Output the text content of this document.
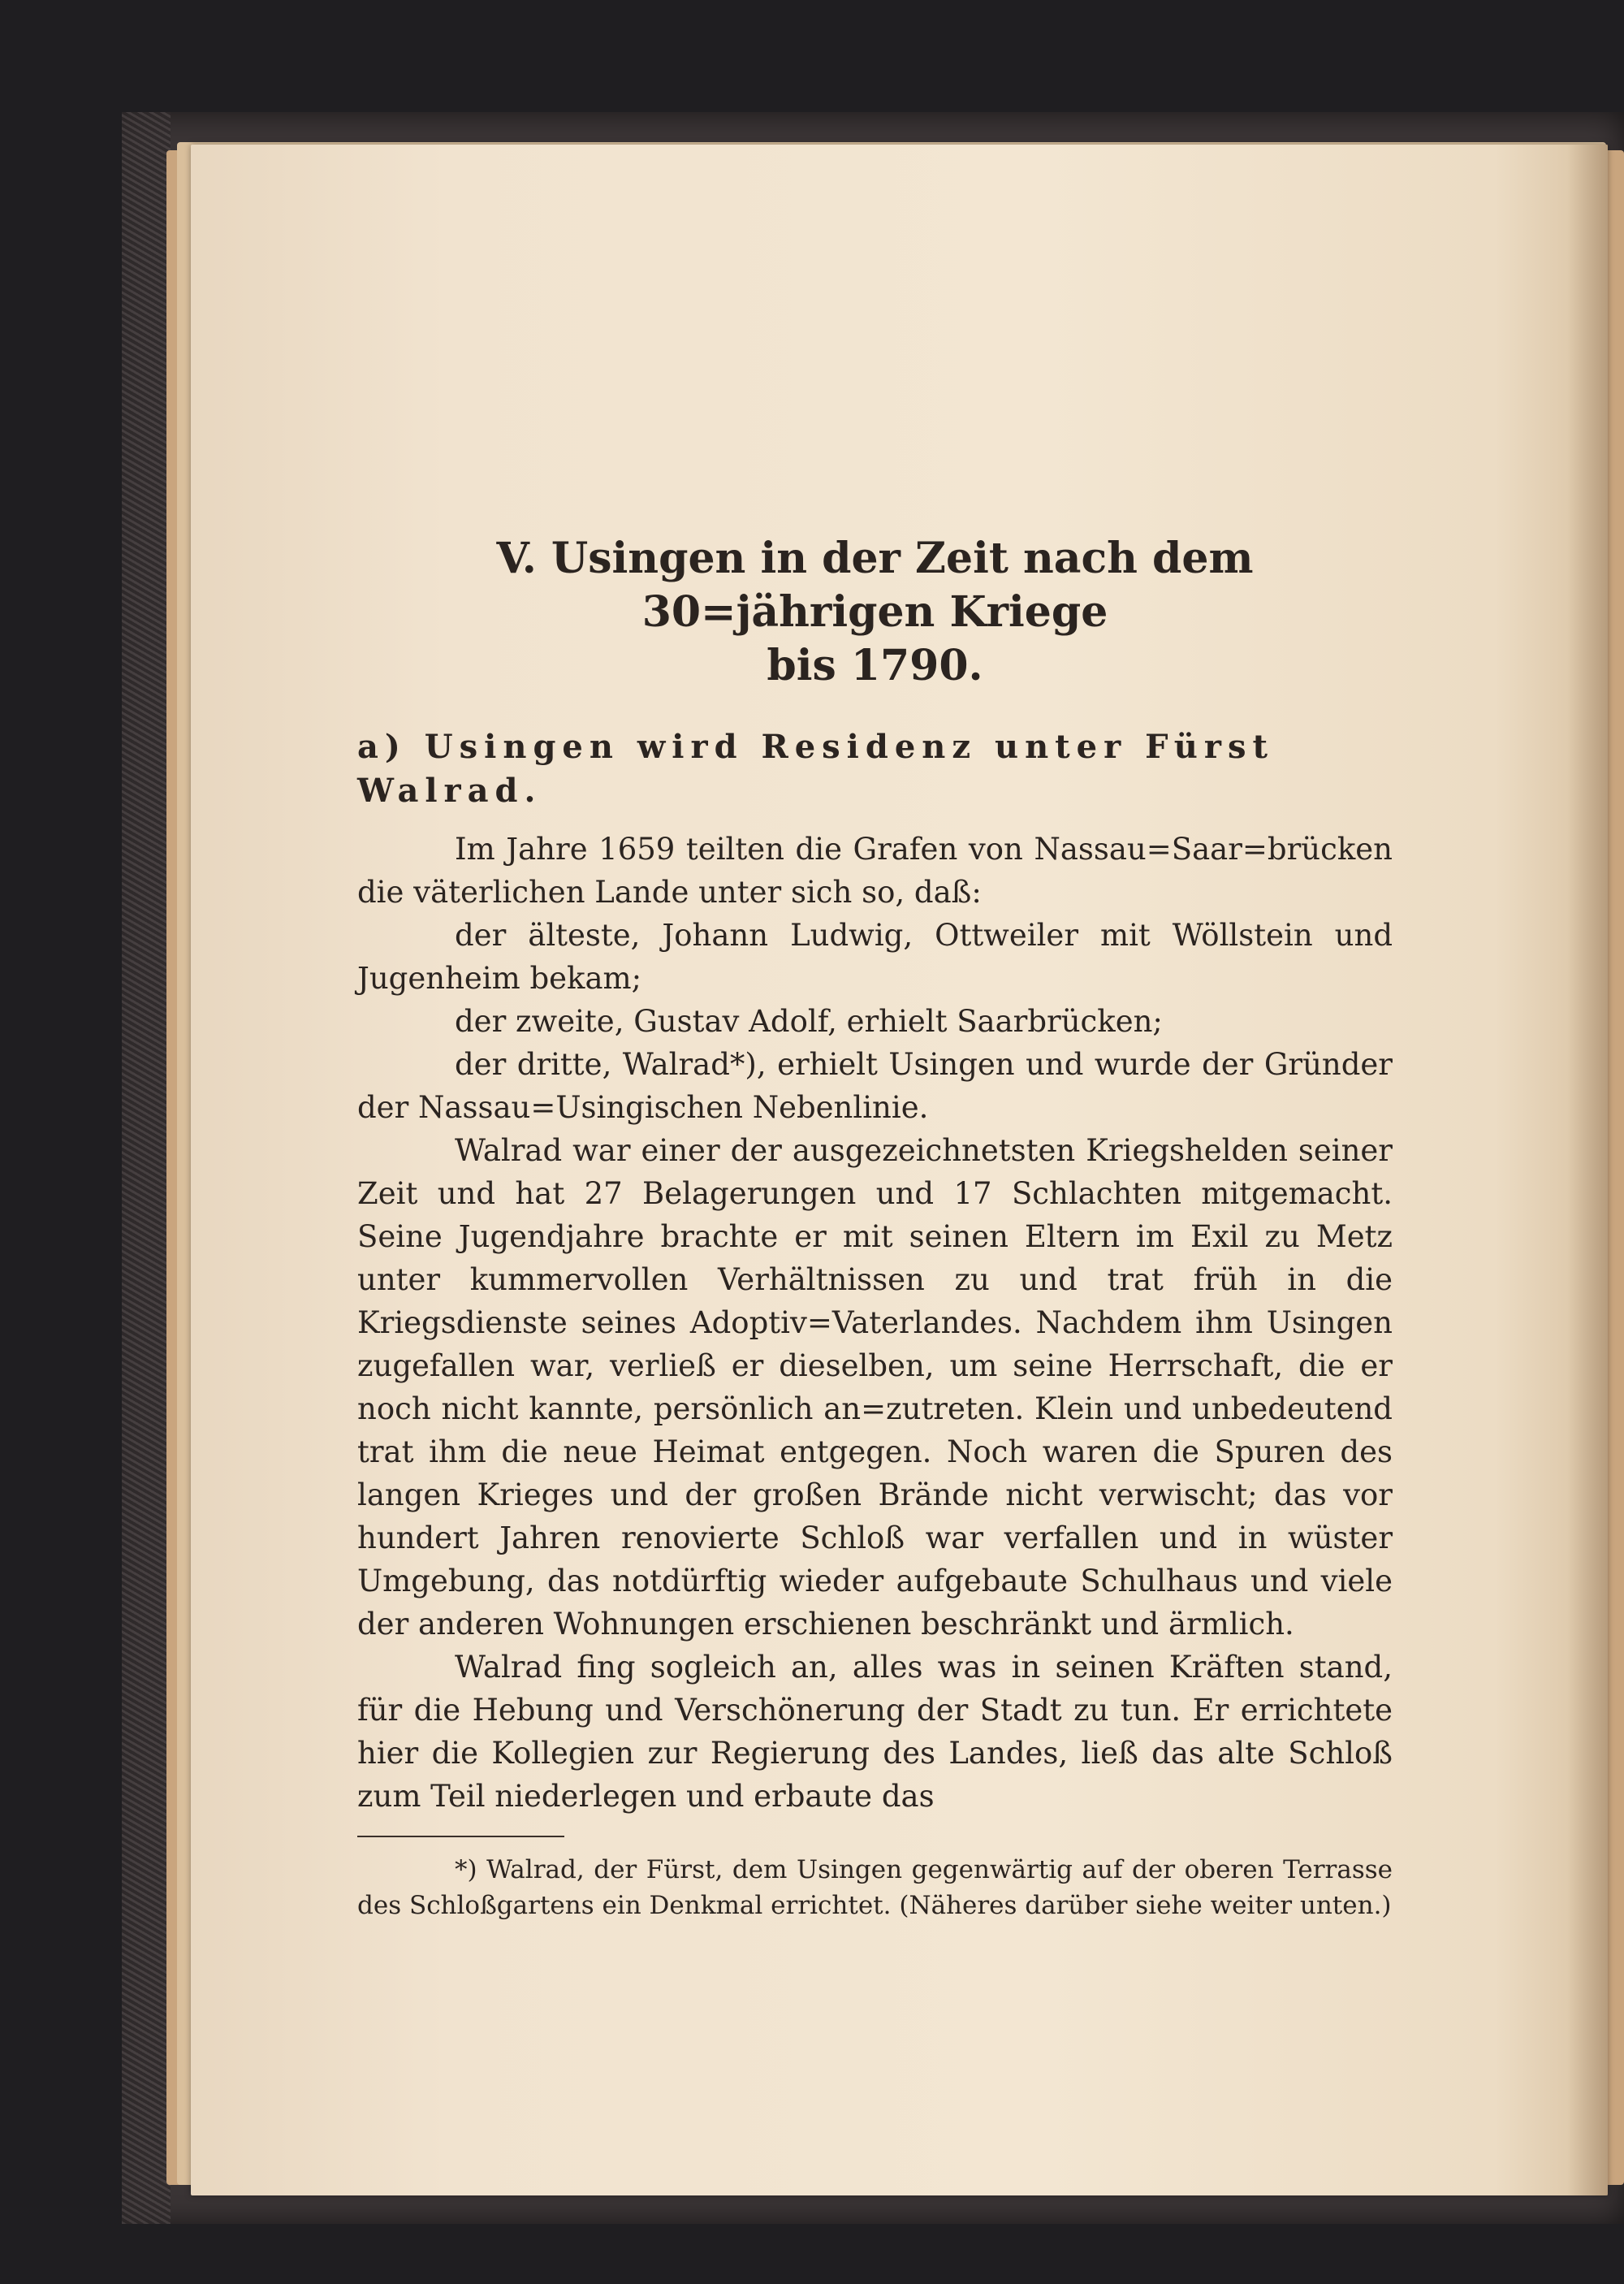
V. Usingen in der Zeit nach dem 30=jährigen Kriege
bis 1790.
a) Usingen wird Residenz unter Fürst Walrad.

Im Jahre 1659 teilten die Grafen von Nassau=Saar=brücken die väterlichen Lande unter sich so, daß:

der älteste, Johann Ludwig, Ottweiler mit Wöllstein und Jugenheim bekam;

der zweite, Gustav Adolf, erhielt Saarbrücken;

der dritte, Walrad*), erhielt Usingen und wurde der Gründer der Nassau=Usingischen Nebenlinie.

Walrad war einer der ausgezeichnetsten Kriegshelden seiner Zeit und hat 27 Belagerungen und 17 Schlachten mitgemacht. Seine Jugendjahre brachte er mit seinen Eltern im Exil zu Metz unter kummervollen Verhältnissen zu und trat früh in die Kriegsdienste seines Adoptiv=Vaterlandes. Nachdem ihm Usingen zugefallen war, verließ er dieselben, um seine Herrschaft, die er noch nicht kannte, persönlich an=zutreten. Klein und unbedeutend trat ihm die neue Heimat entgegen. Noch waren die Spuren des langen Krieges und der großen Brände nicht verwischt; das vor hundert Jahren renovierte Schloß war verfallen und in wüster Umgebung, das notdürftig wieder aufgebaute Schulhaus und viele der anderen Wohnungen erschienen beschränkt und ärmlich.

Walrad fing sogleich an, alles was in seinen Kräften stand, für die Hebung und Verschönerung der Stadt zu tun. Er errichtete hier die Kollegien zur Regierung des Landes, ließ das alte Schloß zum Teil niederlegen und erbaute das

*) Walrad, der Fürst, dem Usingen gegenwärtig auf der oberen Terrasse des Schloßgartens ein Denkmal errichtet. (Näheres darüber siehe weiter unten.)
